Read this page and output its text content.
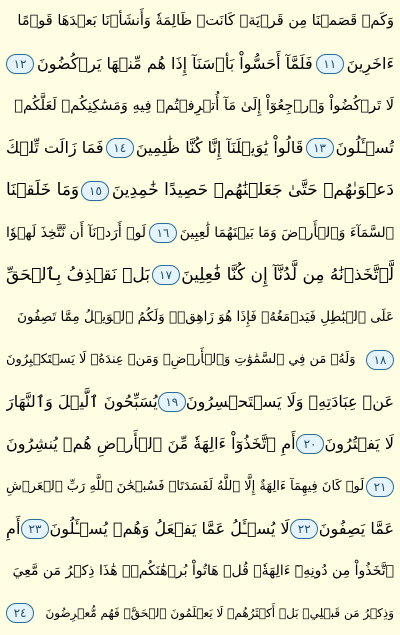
وَكَمۡ قَصَمۡنَا مِن قَرۡيَةٖ كَانَتۡ ظَالِمَةٗ وَأَنشَأۡنَا بَعۡدَهَا قَوۡمًا
ءَاخَرِينَ
١١
فَلَمَّآ أَحَسُّواْ بَأۡسَنَآ إِذَا هُم مِّنۡهَا يَرۡكُضُونَ
١٢
لَا تَرۡكُضُواْ وَٱرۡجِعُوٓاْ إِلَىٰ مَآ أُتۡرِفۡتُمۡ فِيهِ وَمَسَٰكِنِكُمۡ لَعَلَّكُمۡ
تُسۡـَٔلُونَ
١٣
قَالُواْ يَٰوَيۡلَنَآ إِنَّا كُنَّا ظَٰلِمِينَ
١٤
فَمَا زَالَت تِّلۡكَ
دَعۡوَىٰهُمۡ حَتَّىٰ جَعَلۡنَٰهُمۡ حَصِيدًا خَٰمِدِينَ
١٥
وَمَا خَلَقۡنَا
ٱلسَّمَآءَ وَٱلۡأَرۡضَ وَمَا بَيۡنَهُمَا لَٰعِبِينَ
١٦
لَوۡ أَرَدۡنَآ أَن نَّتَّخِذَ لَهۡوٗا
لَّٱتَّخَذۡنَٰهُ مِن لَّدُنَّآ إِن كُنَّا فَٰعِلِينَ
١٧
بَلۡ نَقۡذِفُ بِٱلۡحَقِّ
عَلَى ٱلۡبَٰطِلِ فَيَدۡمَغُهُۥ فَإِذَا هُوَ زَاهِقٞۚ وَلَكُمُ ٱلۡوَيۡلُ مِمَّا تَصِفُونَ
١٨
وَلَهُۥ مَن فِي ٱلسَّمَٰوَٰتِ وَٱلۡأَرۡضِۚ وَمَنۡ عِندَهُۥ لَا يَسۡتَكۡبِرُونَ
عَنۡ عِبَادَتِهِۦ وَلَا يَسۡتَحۡسِرُونَ
١٩
يُسَبِّحُونَ ٱلَّيۡلَ وَٱلنَّهَارَ
لَا يَفۡتُرُونَ
٢٠
أَمِ ٱتَّخَذُوٓاْ ءَالِهَةٗ مِّنَ ٱلۡأَرۡضِ هُمۡ يُنشِرُونَ
٢١
لَوۡ كَانَ فِيهِمَآ ءَالِهَةٌ إِلَّا ٱللَّهُ لَفَسَدَتَاۚ فَسُبۡحَٰنَ ٱللَّهِ رَبِّ ٱلۡعَرۡشِ
عَمَّا يَصِفُونَ
٢٢
لَا يُسۡـَٔلُ عَمَّا يَفۡعَلُ وَهُمۡ يُسۡـَٔلُونَ
٢٣
أَمِ
ٱتَّخَذُواْ مِن دُونِهِۦٓ ءَالِهَةٗۖ قُلۡ هَاتُواْ بُرۡهَٰنَكُمۡۖ هَٰذَا ذِكۡرُ مَن مَّعِيَ
وَذِكۡرُ مَن قَبۡلِيۚ بَلۡ أَكۡثَرُهُمۡ لَا يَعۡلَمُونَ ٱلۡحَقَّۖ فَهُم مُّعۡرِضُونَ
٢٤
